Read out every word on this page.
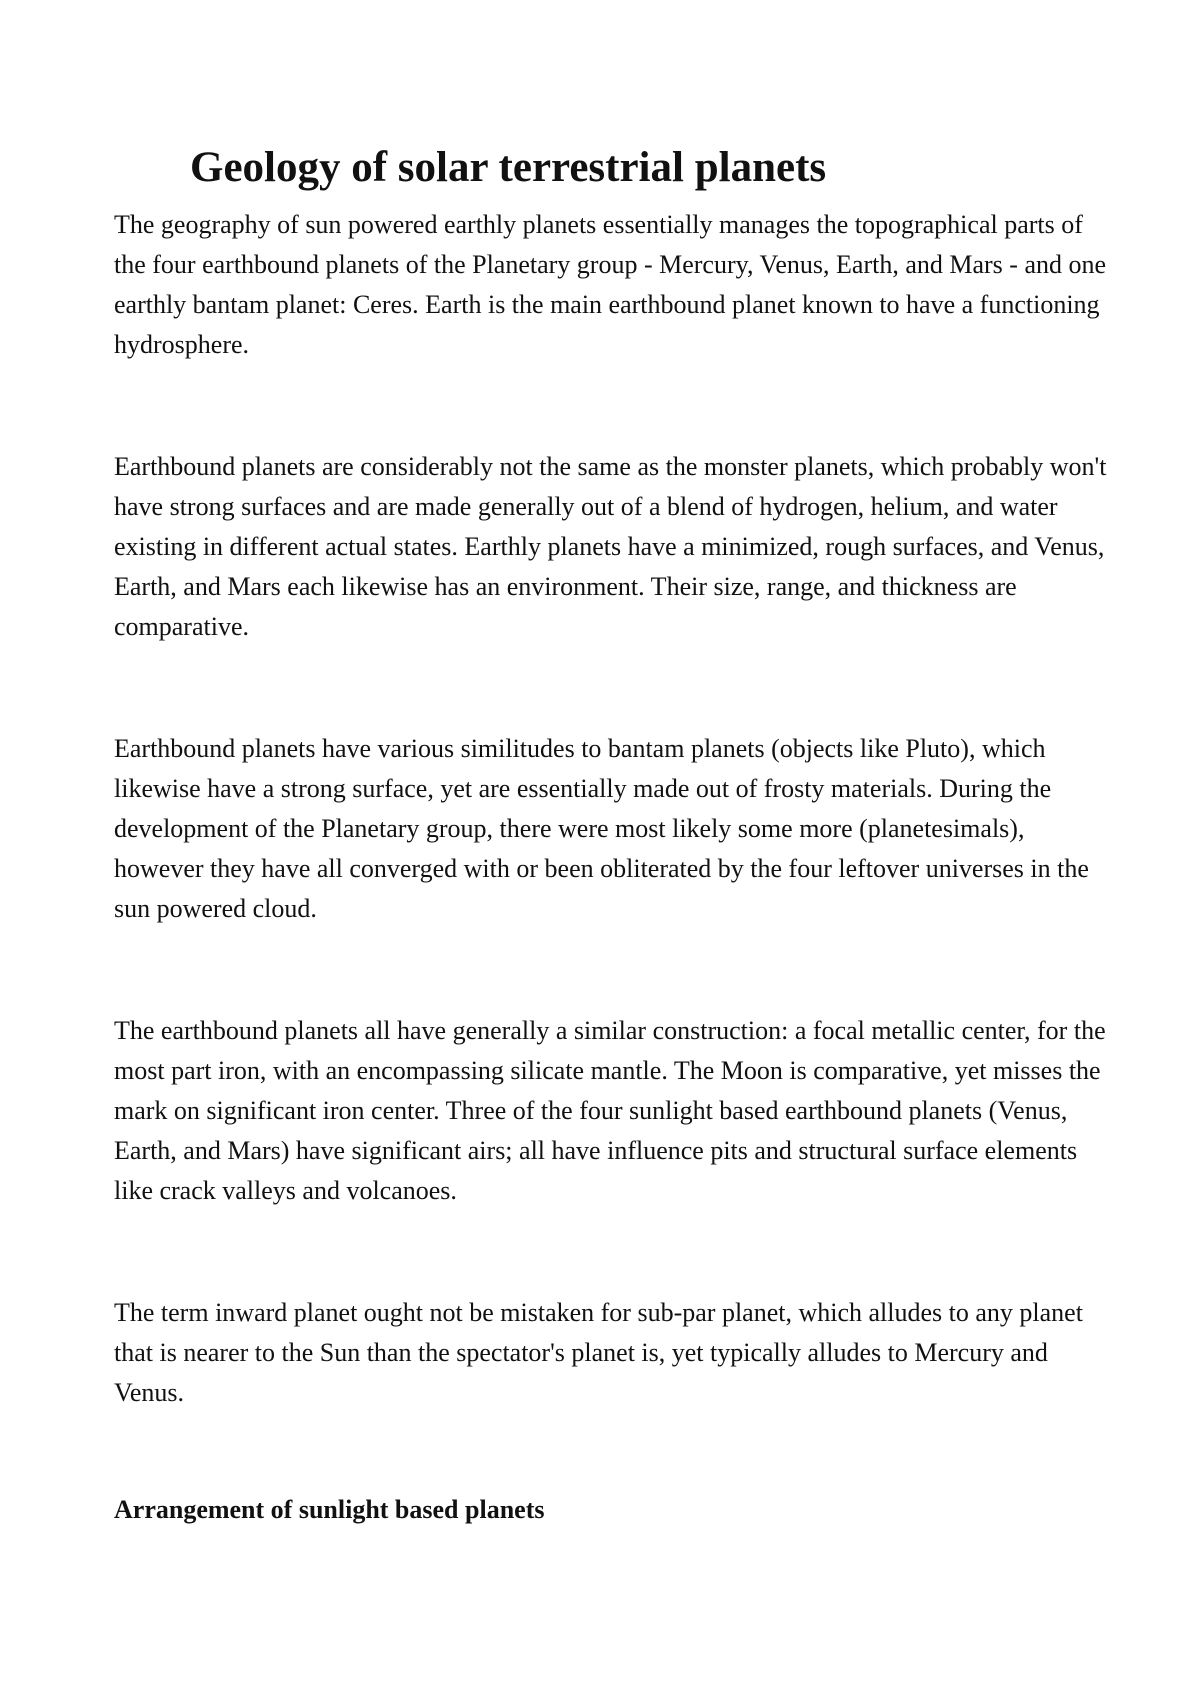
Geology of solar terrestrial planets

The geography of sun powered earthly planets essentially manages the topographical parts of the four earthbound planets of the Planetary group - Mercury, Venus, Earth, and Mars - and one earthly bantam planet: Ceres. Earth is the main earthbound planet known to have a functioning hydrosphere.

Earthbound planets are considerably not the same as the monster planets, which probably won't have strong surfaces and are made generally out of a blend of hydrogen, helium, and water existing in different actual states. Earthly planets have a minimized, rough surfaces, and Venus, Earth, and Mars each likewise has an environment. Their size, range, and thickness are comparative.

Earthbound planets have various similitudes to bantam planets (objects like Pluto), which likewise have a strong surface, yet are essentially made out of frosty materials. During the development of the Planetary group, there were most likely some more (planetesimals), however they have all converged with or been obliterated by the four leftover universes in the sun powered cloud.

The earthbound planets all have generally a similar construction: a focal metallic center, for the most part iron, with an encompassing silicate mantle. The Moon is comparative, yet misses the mark on significant iron center. Three of the four sunlight based earthbound planets (Venus, Earth, and Mars) have significant airs; all have influence pits and structural surface elements like crack valleys and volcanoes.

The term inward planet ought not be mistaken for sub-par planet, which alludes to any planet that is nearer to the Sun than the spectator's planet is, yet typically alludes to Mercury and Venus.

Arrangement of sunlight based planets
